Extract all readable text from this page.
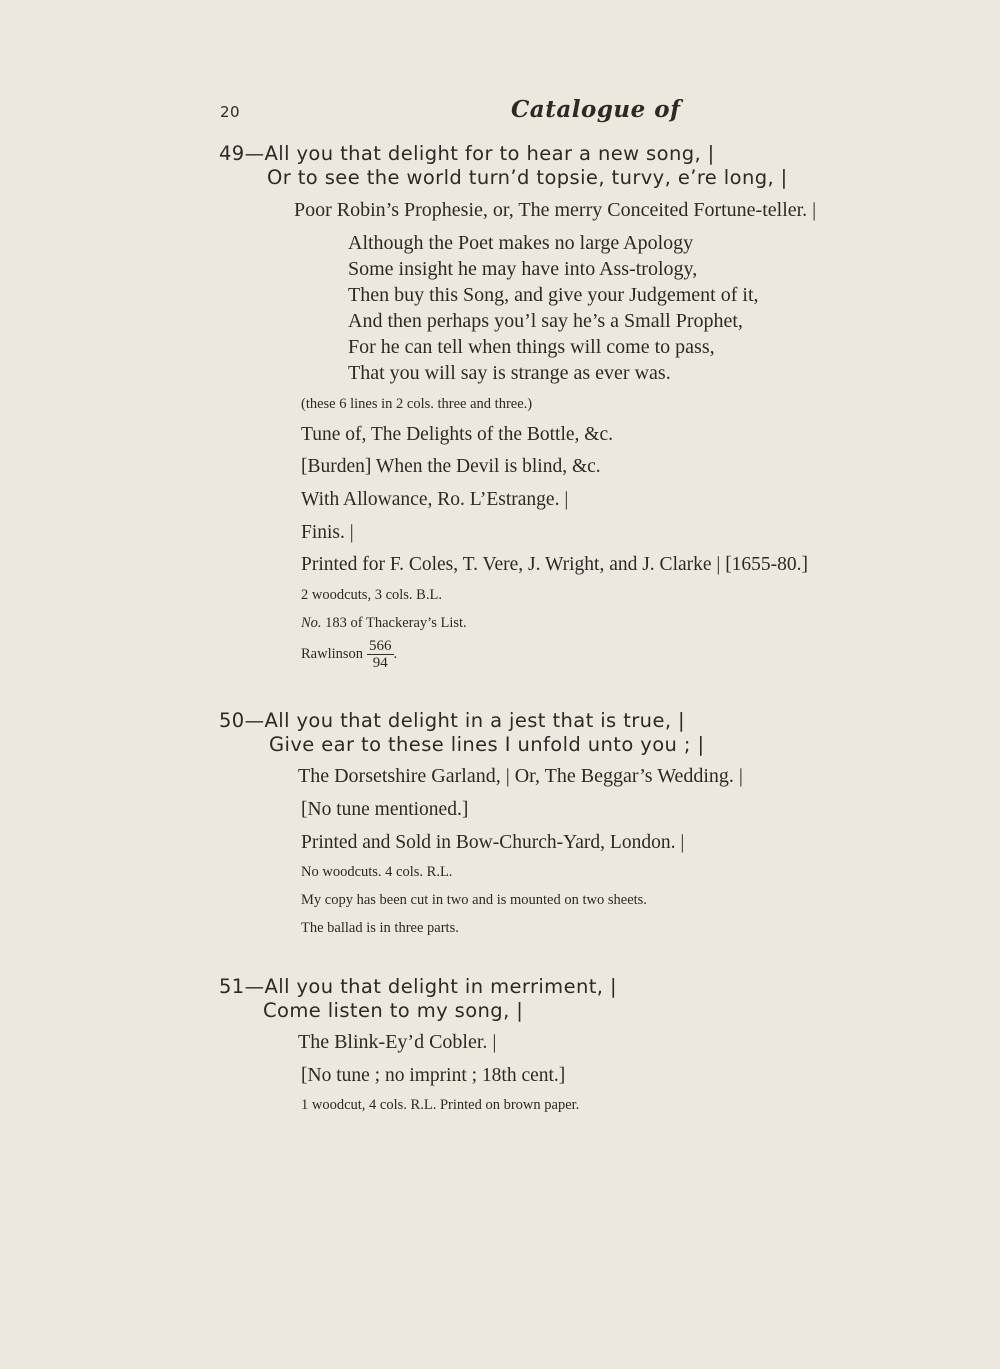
20	Catalogue of
49—All you that delight for to hear a new song, |
Or to see the world turn’d topsie, turvy, e’re long, |
Poor Robin’s Prophesie, or, The merry Conceited Fortune-teller. |
Although the Poet makes no large Apology
Some insight he may have into Ass-trology,
Then buy this Song, and give your Judgement of it,
And then perhaps you’l say he’s a Small Prophet,
For he can tell when things will come to pass,
That you will say is strange as ever was.
(these 6 lines in 2 cols. three and three.)
Tune of, The Delights of the Bottle, &c.
[Burden] When the Devil is blind, &c.
With Allowance, Ro. L’Estrange. |
Finis. |
Printed for F. Coles, T. Vere, J. Wright, and J. Clarke | [1655-80.]
2 woodcuts, 3 cols. B.L.
No. 183 of Thackeray’s List.
Rawlinson $\frac{566}{94}$ .
50—All you that delight in a jest that is true, |
Give ear to these lines I unfold unto you ; |
The Dorsetshire Garland, | Or, The Beggar’s Wedding. |
[No tune mentioned.]
Printed and Sold in Bow-Church-Yard, London. |
No woodcuts. 4 cols. R.L.
My copy has been cut in two and is mounted on two sheets.
The ballad is in three parts.
51—All you that delight in merriment, |
Come listen to my song, |
The Blink-Ey’d Cobler. |
[No tune ; no imprint ; 18th cent.]
1 woodcut, 4 cols. R.L. Printed on brown paper.
